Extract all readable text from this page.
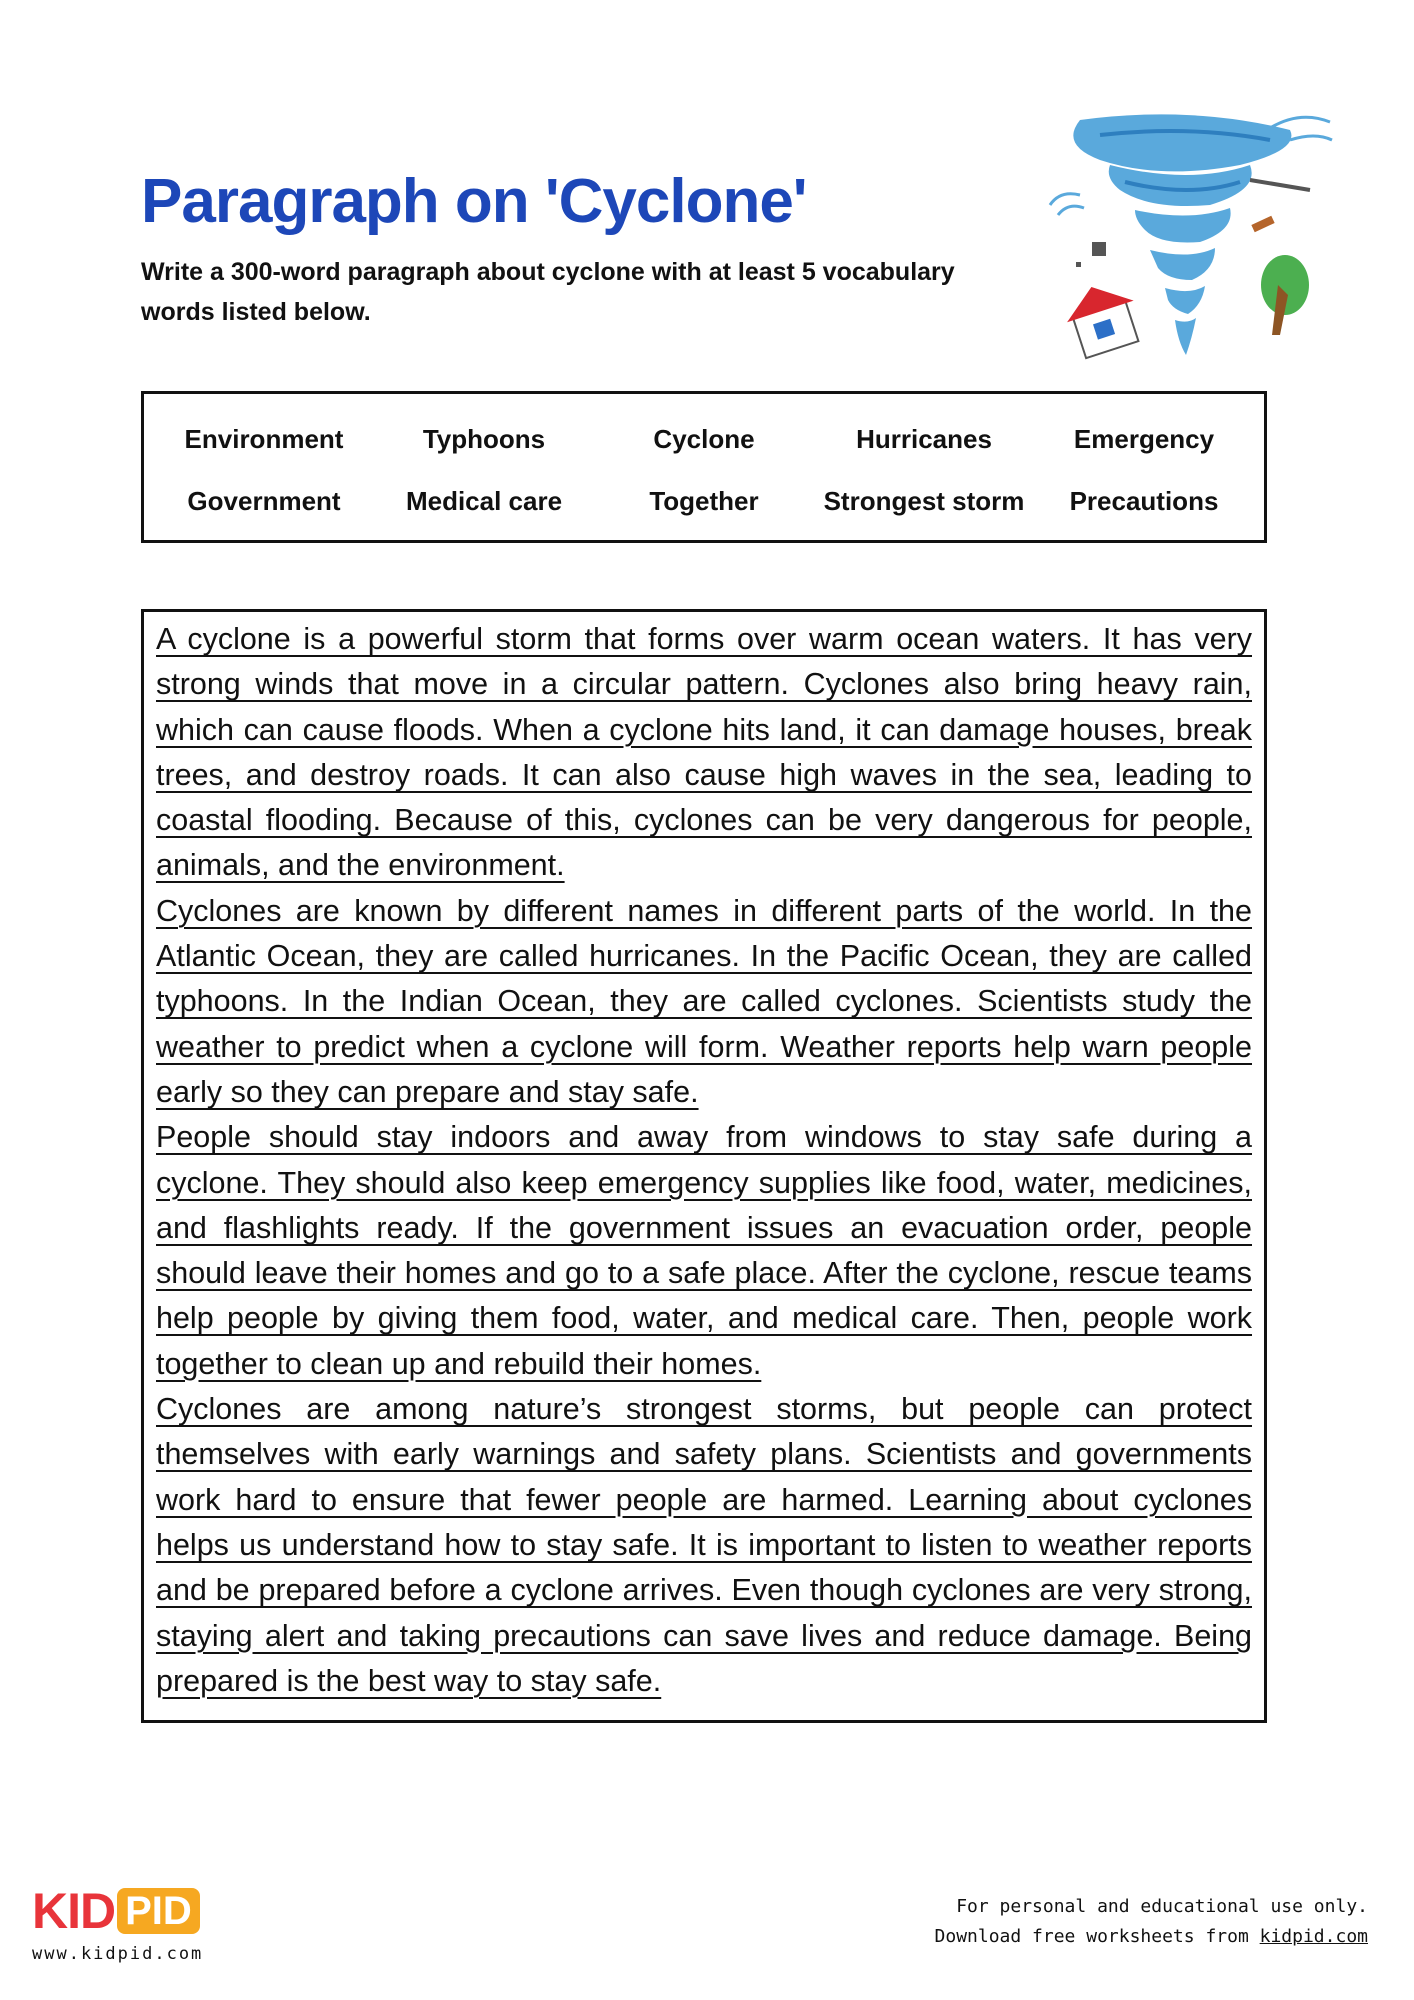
Paragraph on 'Cyclone'

Write a 300-word paragraph about cyclone with at least 5 vocabulary words listed below.

Environment	Typhoons	Cyclone	Hurricanes	Emergency
Government	Medical care	Together	Strongest storm	Precautions

A cyclone is a powerful storm that forms over warm ocean waters. It has very strong winds that move in a circular pattern. Cyclones also bring heavy rain, which can cause floods. When a cyclone hits land, it can damage houses, break trees, and destroy roads. It can also cause high waves in the sea, leading to coastal flooding. Because of this, cyclones can be very dangerous for people, animals, and the environment.

Cyclones are known by different names in different parts of the world. In the Atlantic Ocean, they are called hurricanes. In the Pacific Ocean, they are called typhoons. In the Indian Ocean, they are called cyclones. Scientists study the weather to predict when a cyclone will form. Weather reports help warn people early so they can prepare and stay safe.

People should stay indoors and away from windows to stay safe during a cyclone. They should also keep emergency supplies like food, water, medicines, and flashlights ready. If the government issues an evacuation order, people should leave their homes and go to a safe place. After the cyclone, rescue teams help people by giving them food, water, and medical care. Then, people work together to clean up and rebuild their homes.

Cyclones are among nature’s strongest storms, but people can protect themselves with early warnings and safety plans. Scientists and governments work hard to ensure that fewer people are harmed. Learning about cyclones helps us understand how to stay safe. It is important to listen to weather reports and be prepared before a cyclone arrives. Even though cyclones are very strong, staying alert and taking precautions can save lives and reduce damage. Being prepared is the best way to stay safe.

KID PID
www.kidpid.com
For personal and educational use only.
Download free worksheets from kidpid.com
